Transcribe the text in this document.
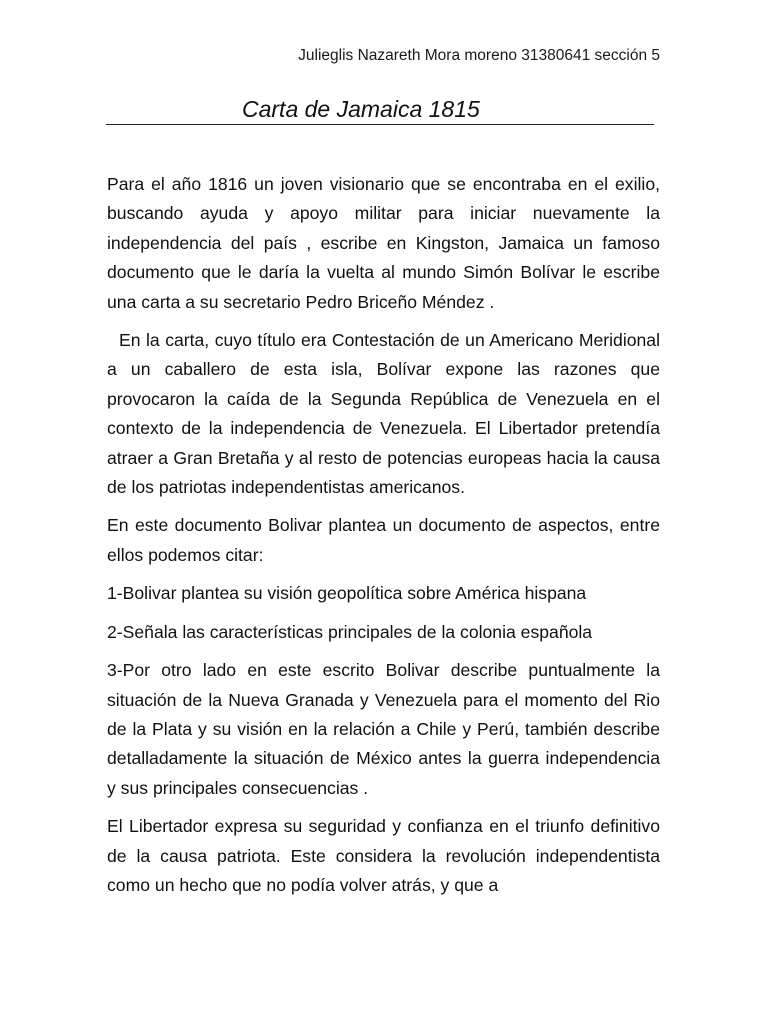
Julieglis Nazareth Mora moreno 31380641 sección 5
Carta de Jamaica 1815

Para el año 1816 un joven visionario que se encontraba en el exilio, buscando ayuda y apoyo militar para iniciar nuevamente la independencia del país , escribe en Kingston, Jamaica un famoso documento que le daría la vuelta al mundo Simón Bolívar le escribe una carta a su secretario Pedro Briceño Méndez .

En la carta, cuyo título era Contestación de un Americano Meridional a un caballero de esta isla, Bolívar expone las razones que provocaron la caída de la Segunda República de Venezuela en el contexto de la independencia de Venezuela. El Libertador pretendía atraer a Gran Bretaña y al resto de potencias europeas hacia la causa de los patriotas independentistas americanos.

En este documento Bolivar plantea un documento de aspectos, entre ellos podemos citar:

1-Bolivar plantea su visión geopolítica sobre América hispana

2-Señala las características principales de la colonia española

3-Por otro lado en este escrito Bolivar describe puntualmente la situación de la Nueva Granada y Venezuela para el momento del Rio de la Plata y su visión en la relación a Chile y Perú, también describe detalladamente la situación de México antes la guerra independencia y sus principales consecuencias .

El Libertador expresa su seguridad y confianza en el triunfo definitivo de la causa patriota. Este considera la revolución independentista como un hecho que no podía volver atrás, y que a
